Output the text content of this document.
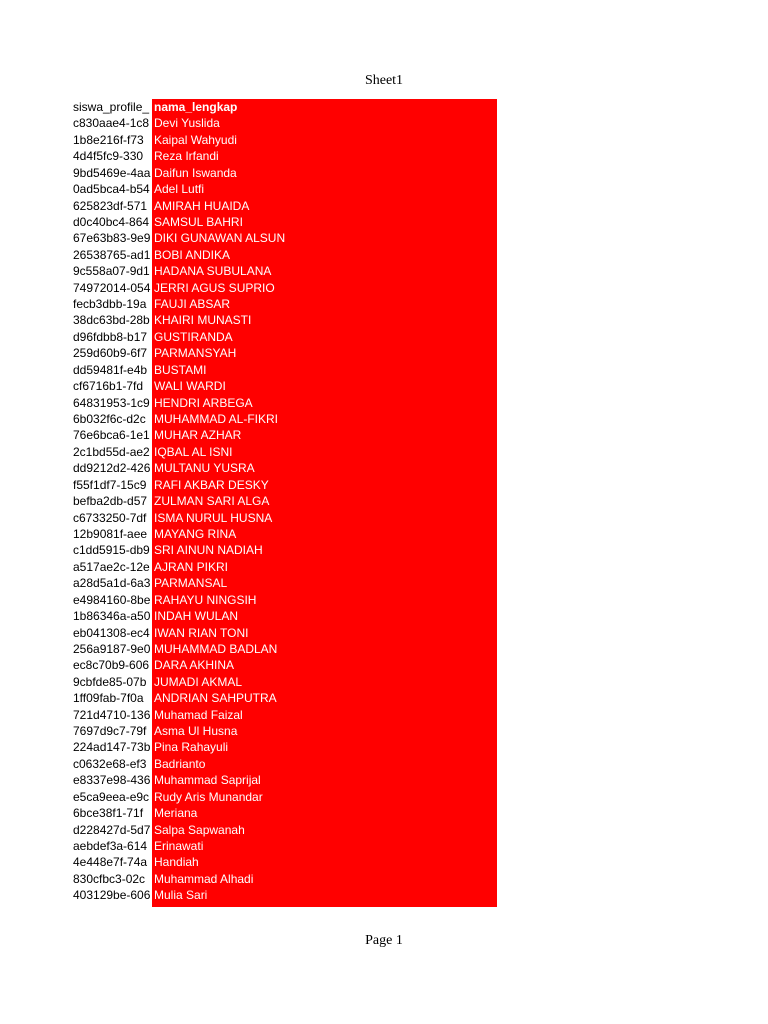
Sheet1
siswa_profile_ nama_lengkap
c830aae4-1c8 Devi Yuslida
1b8e216f-f73 Kaipal Wahyudi
4d4f5fc9-330 Reza Irfandi
9bd5469e-4aa Daifun Iswanda
0ad5bca4-b54 Adel Lutfi
625823df-571 AMIRAH HUAIDA
d0c40bc4-864 SAMSUL BAHRI
67e63b83-9e9 DIKI GUNAWAN ALSUN
26538765-ad1 BOBI ANDIKA
9c558a07-9d1 HADANA SUBULANA
74972014-054 JERRI AGUS SUPRIO
fecb3dbb-19a FAUJI ABSAR
38dc63bd-28b KHAIRI MUNASTI
d96fdbb8-b17 GUSTIRANDA
259d60b9-6f7 PARMANSYAH
dd59481f-e4b BUSTAMI
cf6716b1-7fd WALI WARDI
64831953-1c9 HENDRI ARBEGA
6b032f6c-d2c MUHAMMAD AL-FIKRI
76e6bca6-1e1 MUHAR AZHAR
2c1bd55d-ae2 IQBAL AL ISNI
dd9212d2-426 MULTANU YUSRA
f55f1df7-15c9 RAFI AKBAR DESKY
befba2db-d57 ZULMAN SARI ALGA
c6733250-7df ISMA NURUL HUSNA
12b9081f-aee MAYANG RINA
c1dd5915-db9 SRI AINUN NADIAH
a517ae2c-12e AJRAN PIKRI
a28d5a1d-6a3 PARMANSAL
e4984160-8be RAHAYU NINGSIH
1b86346a-a50 INDAH WULAN
eb041308-ec4 IWAN RIAN TONI
256a9187-9e0 MUHAMMAD BADLAN
ec8c70b9-606 DARA AKHINA
9cbfde85-07b JUMADI AKMAL
1ff09fab-7f0a ANDRIAN SAHPUTRA
721d4710-136 Muhamad Faizal
7697d9c7-79f Asma Ul Husna
224ad147-73b Pina Rahayuli
c0632e68-ef3 Badrianto
e8337e98-436 Muhammad Saprijal
e5ca9eea-e9c Rudy Aris Munandar
6bce38f1-71f Meriana
d228427d-5d7 Salpa Sapwanah
aebdef3a-614 Erinawati
4e448e7f-74a Handiah
830cfbc3-02c Muhammad Alhadi
403129be-606 Mulia Sari
Page 1
